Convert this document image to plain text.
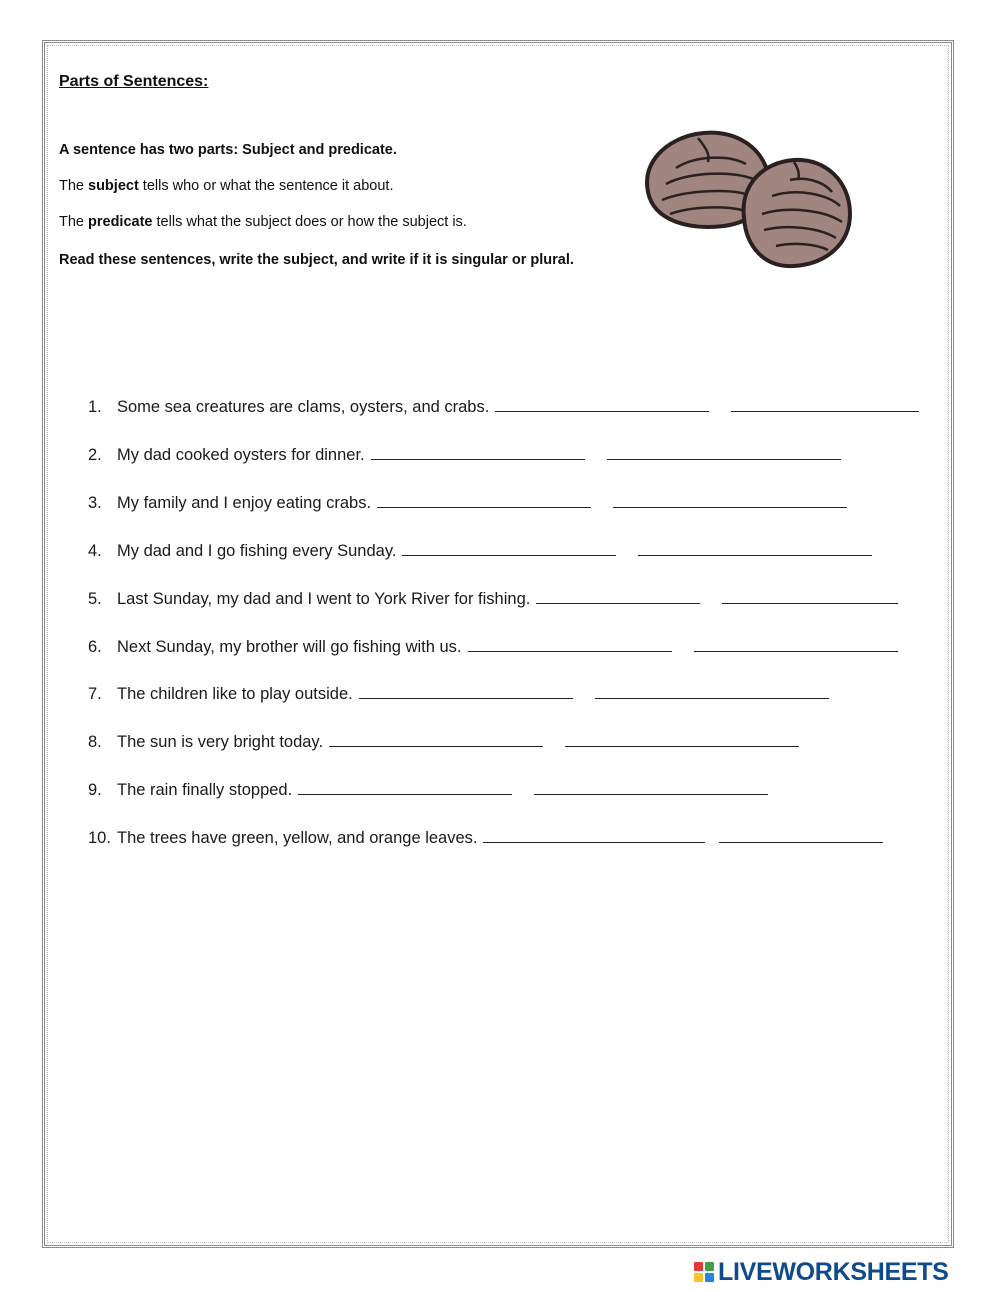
Parts of Sentences:

A sentence has two parts: Subject and predicate.

The subject tells who or what the sentence it about.

The predicate tells what the subject does or how the subject is.

Read these sentences, write the subject, and write if it is singular or plural.

1. Some sea creatures are clams, oysters, and crabs.
2. My dad cooked oysters for dinner.
3. My family and I enjoy eating crabs.
4. My dad and I go fishing every Sunday.
5. Last Sunday, my dad and I went to York River for fishing.
6. Next Sunday, my brother will go fishing with us.
7. The children like to play outside.
8. The sun is very bright today.
9. The rain finally stopped.
10. The trees have green, yellow, and orange leaves.
LIVEWORKSHEETS
